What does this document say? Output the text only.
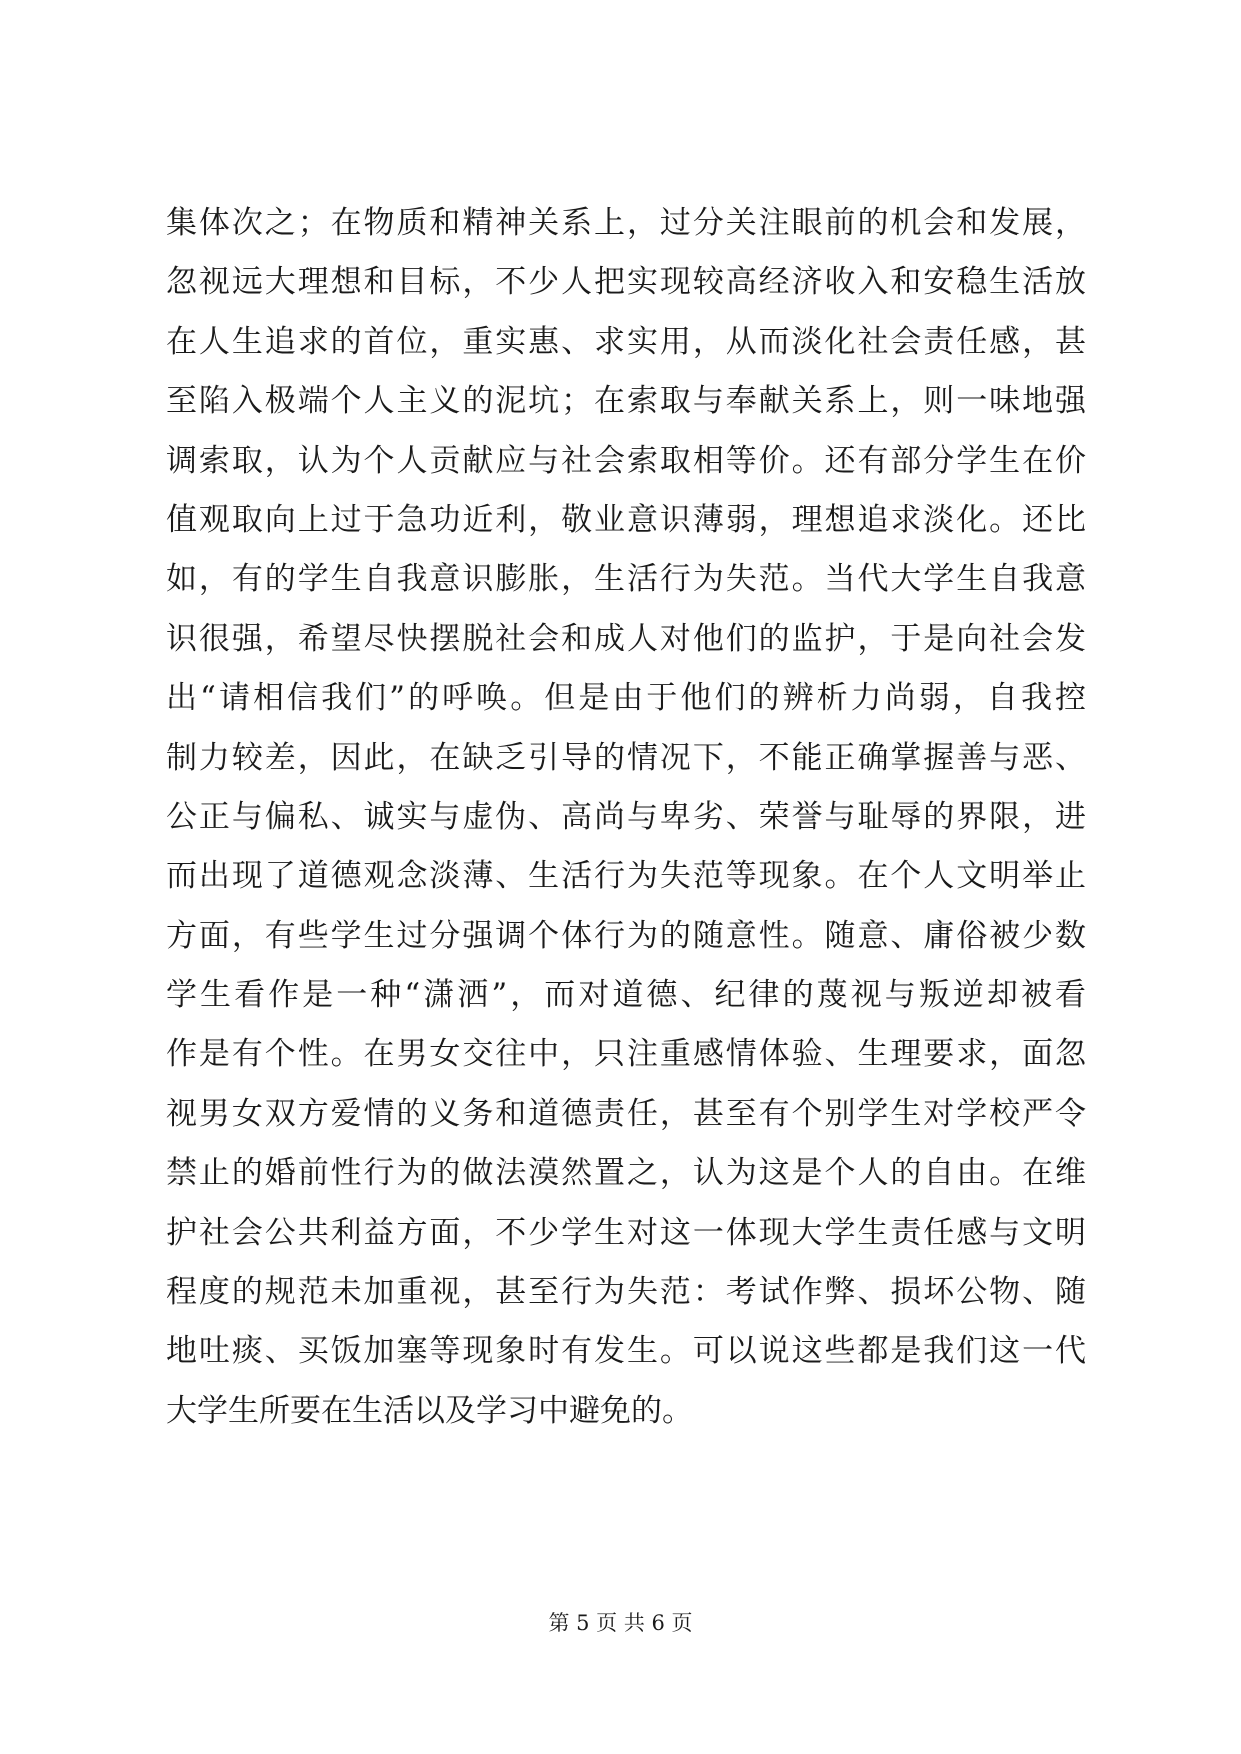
集体次之；在物质和精神关系上，过分关注眼前的机会和发展，
忽视远大理想和目标，不少人把实现较高经济收入和安稳生活放
在人生追求的首位，重实惠、求实用，从而淡化社会责任感，甚
至陷入极端个人主义的泥坑；在索取与奉献关系上，则一味地强
调索取，认为个人贡献应与社会索取相等价。还有部分学生在价
值观取向上过于急功近利，敬业意识薄弱，理想追求淡化。还比
如，有的学生自我意识膨胀，生活行为失范。当代大学生自我意
识很强，希望尽快摆脱社会和成人对他们的监护，于是向社会发
出“请相信我们”的呼唤。但是由于他们的辨析力尚弱，自我控
制力较差，因此，在缺乏引导的情况下，不能正确掌握善与恶、
公正与偏私、诚实与虚伪、高尚与卑劣、荣誉与耻辱的界限，进
而出现了道德观念淡薄、生活行为失范等现象。在个人文明举止
方面，有些学生过分强调个体行为的随意性。随意、庸俗被少数
学生看作是一种“潇洒”，而对道德、纪律的蔑视与叛逆却被看
作是有个性。在男女交往中，只注重感情体验、生理要求，面忽
视男女双方爱情的义务和道德责任，甚至有个别学生对学校严令
禁止的婚前性行为的做法漠然置之，认为这是个人的自由。在维
护社会公共利益方面，不少学生对这一体现大学生责任感与文明
程度的规范未加重视，甚至行为失范：考试作弊、损坏公物、随
地吐痰、买饭加塞等现象时有发生。可以说这些都是我们这一代
大学生所要在生活以及学习中避免的。
第 5 页 共 6 页
